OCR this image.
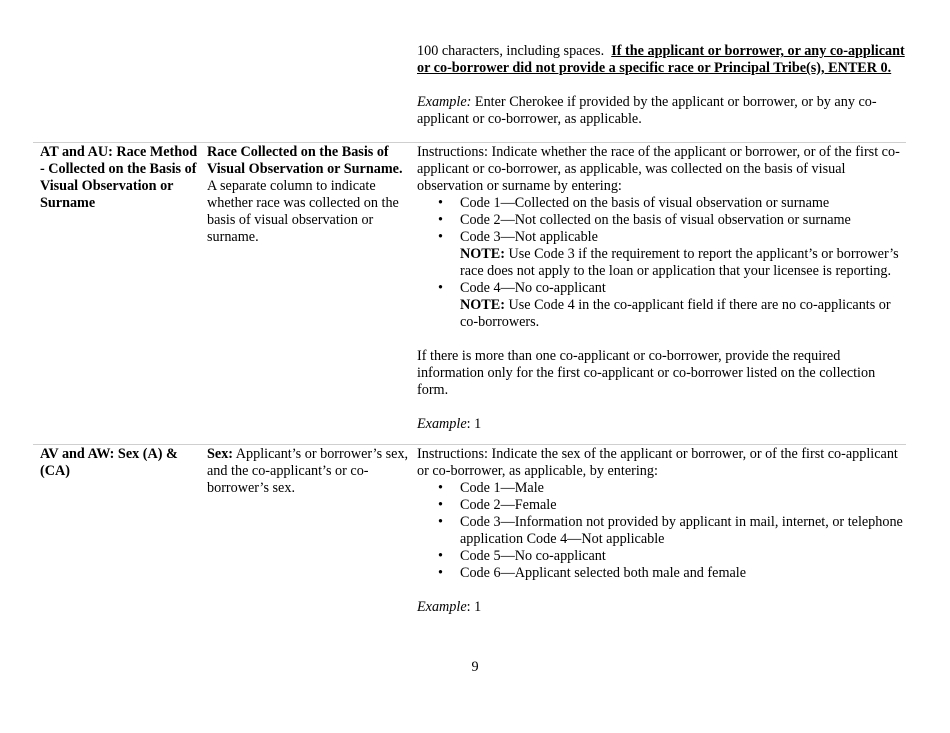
100 characters, including spaces. If the applicant or borrower, or any co-applicant or co-borrower did not provide a specific race or Principal Tribe(s), ENTER 0.

Example: Enter Cherokee if provided by the applicant or borrower, or by any co-applicant or co-borrower, as applicable.

AT and AU: Race Method - Collected on the Basis of Visual Observation or Surname
Race Collected on the Basis of Visual Observation or Surname. A separate column to indicate whether race was collected on the basis of visual observation or surname.

Instructions: Indicate whether the race of the applicant or borrower, or of the first co-applicant or co-borrower, as applicable, was collected on the basis of visual observation or surname by entering:

• Code 1—Collected on the basis of visual observation or surname
• Code 2—Not collected on the basis of visual observation or surname
• Code 3—Not applicable
NOTE: Use Code 3 if the requirement to report the applicant’s or borrower’s race does not apply to the loan or application that your licensee is reporting.
• Code 4—No co-applicant
NOTE: Use Code 4 in the co-applicant field if there are no co-applicants or co-borrowers.

If there is more than one co-applicant or co-borrower, provide the required information only for the first co-applicant or co-borrower listed on the collection form.

Example: 1

AV and AW: Sex (A) & (CA)
Sex: Applicant’s or borrower’s sex, and the co-applicant’s or co-borrower’s sex.

Instructions: Indicate the sex of the applicant or borrower, or of the first co-applicant or co-borrower, as applicable, by entering:

• Code 1—Male
• Code 2—Female
• Code 3—Information not provided by applicant in mail, internet, or telephone application Code 4—Not applicable
• Code 5—No co-applicant
• Code 6—Applicant selected both male and female

Example: 1

9
